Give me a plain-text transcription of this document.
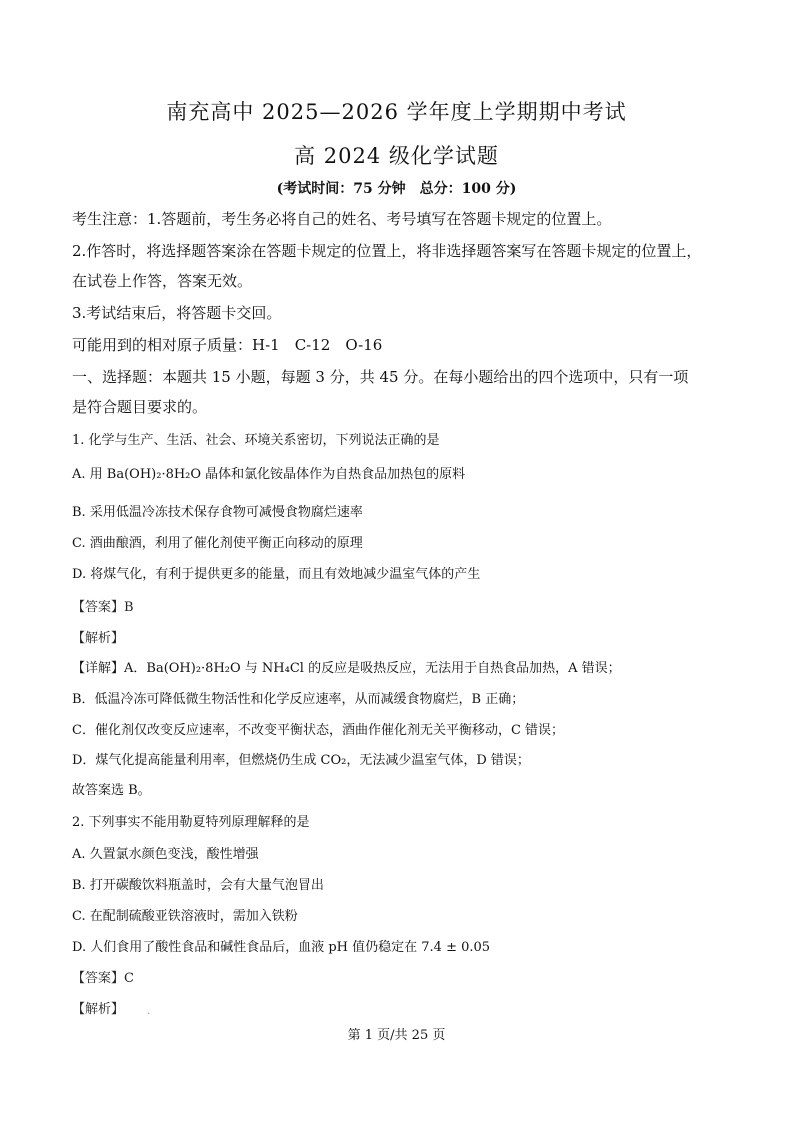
南充高中 2025—2026 学年度上学期期中考试
高 2024 级化学试题
(考试时间：75 分钟　总分：100 分)
考生注意：1.答题前，考生务必将自己的姓名、考号填写在答题卡规定的位置上。
2.作答时，将选择题答案涂在答题卡规定的位置上，将非选择题答案写在答题卡规定的位置上，
在试卷上作答，答案无效。
3.考试结束后，将答题卡交回。
可能用到的相对原子质量：H-1　C-12　O-16
一、选择题：本题共 15 小题，每题 3 分，共 45 分。在每小题给出的四个选项中，只有一项
是符合题目要求的。
1. 化学与生产、生活、社会、环境关系密切，下列说法正确的是
A. 用 Ba(OH)₂·8H₂O 晶体和氯化铵晶体作为自热食品加热包的原料
B. 采用低温冷冻技术保存食物可减慢食物腐烂速率
C. 酒曲酿酒，利用了催化剂使平衡正向移动的原理
D. 将煤气化，有利于提供更多的能量，而且有效地减少温室气体的产生
【答案】B
【解析】
【详解】A．Ba(OH)₂·8H₂O 与 NH₄Cl 的反应是吸热反应，无法用于自热食品加热，A 错误；
B．低温冷冻可降低微生物活性和化学反应速率，从而减缓食物腐烂，B 正确；
C．催化剂仅改变反应速率，不改变平衡状态，酒曲作催化剂无关平衡移动，C 错误；
D．煤气化提高能量利用率，但燃烧仍生成 CO₂，无法减少温室气体，D 错误；
故答案选 B。
2. 下列事实不能用勒夏特列原理解释的是
A. 久置氯水颜色变浅，酸性增强
B. 打开碳酸饮料瓶盖时，会有大量气泡冒出
C. 在配制硫酸亚铁溶液时，需加入铁粉
D. 人们食用了酸性食品和碱性食品后，血液 pH 值仍稳定在 7.4 ± 0.05
【答案】C
【解析】 ·
第 1 页/共 25 页
